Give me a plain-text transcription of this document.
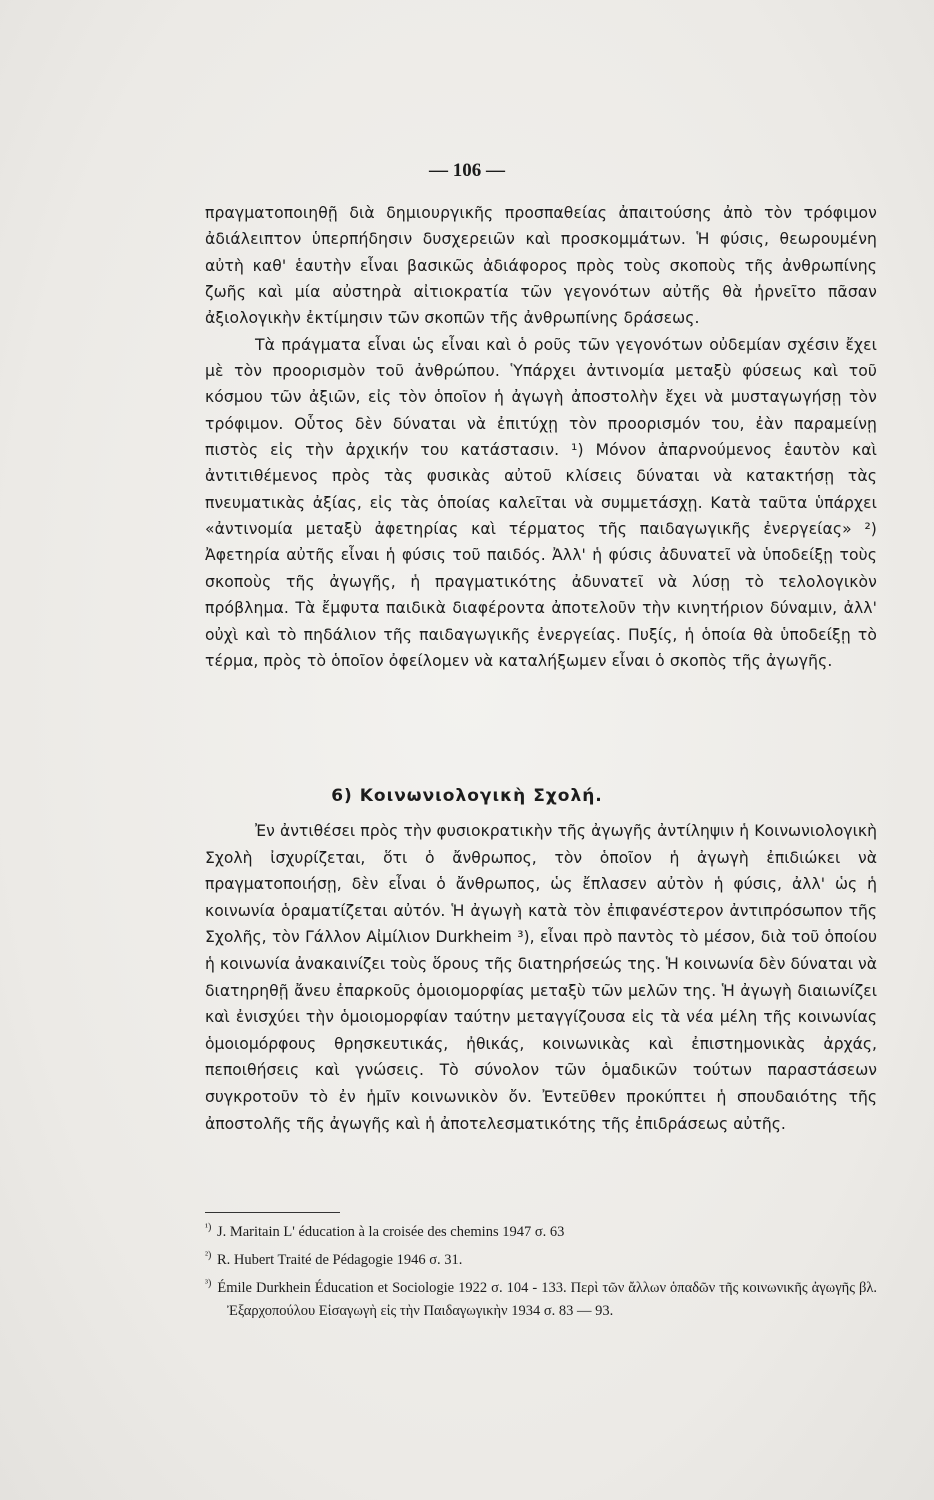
— 106 —

πραγματοποιηθῇ διὰ δημιουργικῆς προσπαθείας ἀπαιτούσης ἀπὸ τὸν τρόφιμον ἀδιάλειπτον ὑπερπήδησιν δυσχερειῶν καὶ προσκομμάτων. Ἡ φύσις, θεωρουμένη αὐτὴ καθ' ἑαυτὴν εἶναι βασικῶς ἀδιάφορος πρὸς τοὺς σκοποὺς τῆς ἀνθρωπίνης ζωῆς καὶ μία αὐστηρὰ αἰτιοκρατία τῶν γεγονότων αὐτῆς θὰ ἠρνεῖτο πᾶσαν ἀξιολογικὴν ἐκτίμησιν τῶν σκοπῶν τῆς ἀνθρωπίνης δράσεως.

Τὰ πράγματα εἶναι ὡς εἶναι καὶ ὁ ροῦς τῶν γεγονότων οὐδεμίαν σχέσιν ἔχει μὲ τὸν προορισμὸν τοῦ ἀνθρώπου. Ὑπάρχει ἀντινομία μεταξὺ φύσεως καὶ τοῦ κόσμου τῶν ἀξιῶν, εἰς τὸν ὁποῖον ἡ ἀγωγὴ ἀποστολὴν ἔχει νὰ μυσταγωγήσῃ τὸν τρόφιμον. Οὗτος δὲν δύναται νὰ ἐπιτύχῃ τὸν προορισμόν του, ἐὰν παραμείνῃ πιστὸς εἰς τὴν ἀρχικήν του κατάστασιν. ¹) Μόνον ἀπαρνούμενος ἑαυτὸν καὶ ἀντιτιθέμενος πρὸς τὰς φυσικὰς αὐτοῦ κλίσεις δύναται νὰ κατακτήσῃ τὰς πνευματικὰς ἀξίας, εἰς τὰς ὁποίας καλεῖται νὰ συμμετάσχῃ. Κατὰ ταῦτα ὑπάρχει «ἀντινομία μεταξὺ ἀφετηρίας καὶ τέρματος τῆς παιδαγωγικῆς ἐνεργείας» ²) Ἀφετηρία αὐτῆς εἶναι ἡ φύσις τοῦ παιδός. Ἀλλ' ἡ φύσις ἀδυνατεῖ νὰ ὑποδείξῃ τοὺς σκοποὺς τῆς ἀγωγῆς, ἡ πραγματικότης ἀδυνατεῖ νὰ λύσῃ τὸ τελολογικὸν πρόβλημα. Τὰ ἔμφυτα παιδικὰ διαφέροντα ἀποτελοῦν τὴν κινητήριον δύναμιν, ἀλλ' οὐχὶ καὶ τὸ πηδάλιον τῆς παιδαγωγικῆς ἐνεργείας. Πυξίς, ἡ ὁποία θὰ ὑποδείξῃ τὸ τέρμα, πρὸς τὸ ὁποῖον ὀφείλομεν νὰ καταλήξωμεν εἶναι ὁ σκοπὸς τῆς ἀγωγῆς.

6) Κοινωνιολογικὴ Σχολή.

Ἐν ἀντιθέσει πρὸς τὴν φυσιοκρατικὴν τῆς ἀγωγῆς ἀντίληψιν ἡ Κοινωνιολογικὴ Σχολὴ ἰσχυρίζεται, ὅτι ὁ ἄνθρωπος, τὸν ὁποῖον ἡ ἀγωγὴ ἐπιδιώκει νὰ πραγματοποιήσῃ, δὲν εἶναι ὁ ἄνθρωπος, ὡς ἔπλασεν αὐτὸν ἡ φύσις, ἀλλ' ὡς ἡ κοινωνία ὁραματίζεται αὐτόν. Ἡ ἀγωγὴ κατὰ τὸν ἐπιφανέστερον ἀντιπρόσωπον τῆς Σχολῆς, τὸν Γάλλον Αἰμίλιον Durkheim ³), εἶναι πρὸ παντὸς τὸ μέσον, διὰ τοῦ ὁποίου ἡ κοινωνία ἀνακαινίζει τοὺς ὅρους τῆς διατηρήσεώς της. Ἡ κοινωνία δὲν δύναται νὰ διατηρηθῇ ἄνευ ἐπαρκοῦς ὁμοιομορφίας μεταξὺ τῶν μελῶν της. Ἡ ἀγωγὴ διαιωνίζει καὶ ἐνισχύει τὴν ὁμοιομορφίαν ταύτην μεταγγίζουσα εἰς τὰ νέα μέλη τῆς κοινωνίας ὁμοιομόρφους θρησκευτικάς, ἠθικάς, κοινωνικὰς καὶ ἐπιστημονικὰς ἀρχάς, πεποιθήσεις καὶ γνώσεις. Τὸ σύνολον τῶν ὁμαδικῶν τούτων παραστάσεων συγκροτοῦν τὸ ἐν ἡμῖν κοινωνικὸν ὄν. Ἐντεῦθεν προκύπτει ἡ σπουδαιότης τῆς ἀποστολῆς τῆς ἀγωγῆς καὶ ἡ ἀποτελεσματικότης τῆς ἐπιδράσεως αὐτῆς.

$^{^1)}$ J. Maritain L' éducation à la croisée des chemins 1947 σ. 63

$^{^2)}$ R. Hubert Traité de Pédagogie 1946 σ. 31.

$^{^3)}$ Émile Durkhein Éducation et Sociologie 1922 σ. 104 - 133. Περὶ τῶν ἄλλων ὁπαδῶν τῆς κοινωνικῆς ἀγωγῆς βλ. Ἐξαρχοπούλου Εἰσαγωγὴ εἰς τὴν Παιδαγωγικὴν 1934 σ. 83 — 93.
